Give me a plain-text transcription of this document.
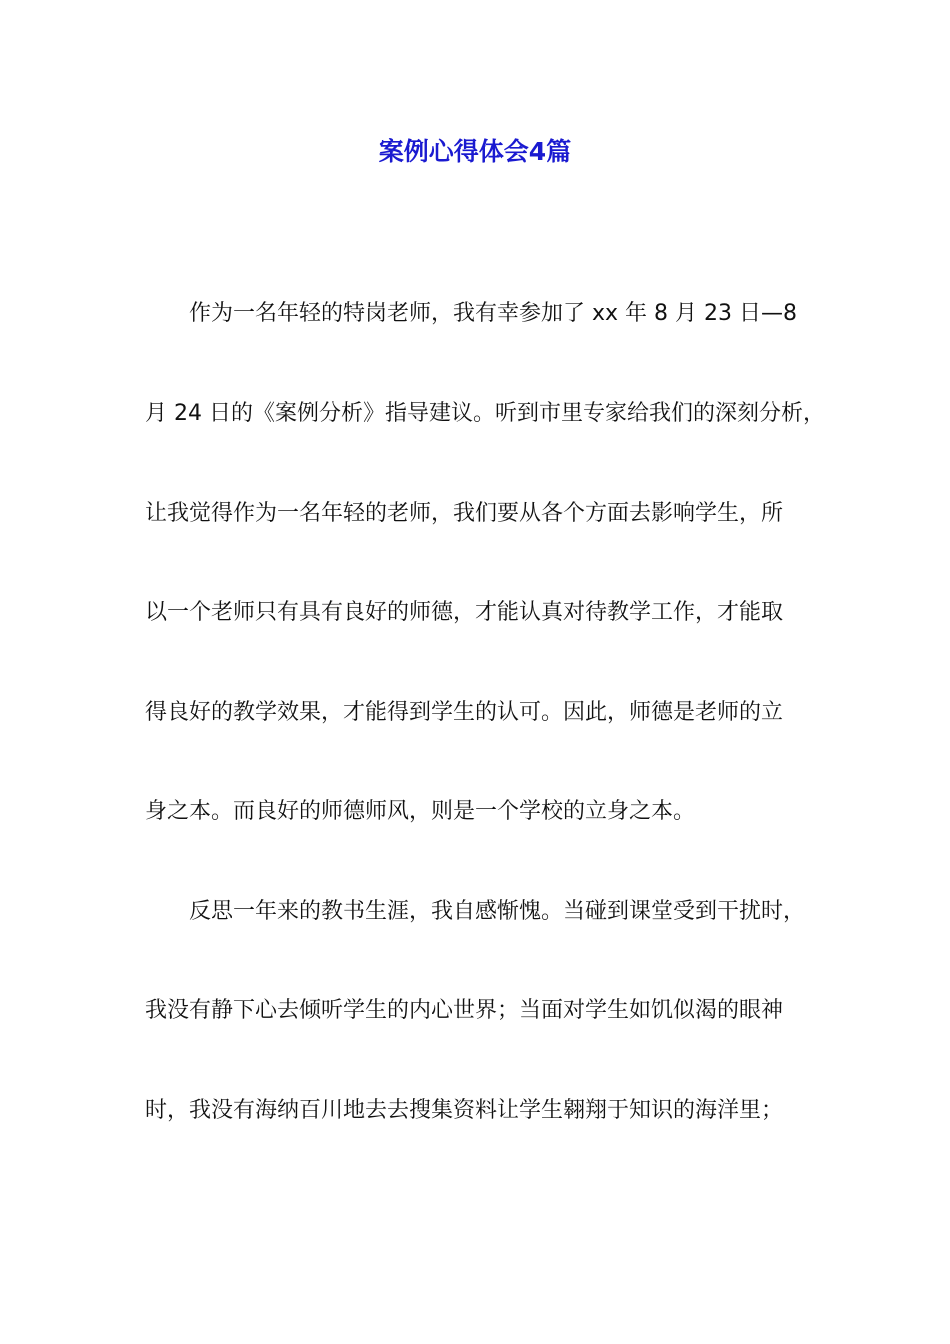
案例心得体会4篇
作为一名年轻的特岗老师，我有幸参加了 xx 年 8 月 23 日—8
月 24 日的《案例分析》指导建议。听到市里专家给我们的深刻分析，
让我觉得作为一名年轻的老师，我们要从各个方面去影响学生，所
以一个老师只有具有良好的师德，才能认真对待教学工作，才能取
得良好的教学效果，才能得到学生的认可。因此，师德是老师的立
身之本。而良好的师德师风，则是一个学校的立身之本。
反思一年来的教书生涯，我自感惭愧。当碰到课堂受到干扰时，
我没有静下心去倾听学生的内心世界；当面对学生如饥似渴的眼神
时，我没有海纳百川地去去搜集资料让学生翱翔于知识的海洋里；
